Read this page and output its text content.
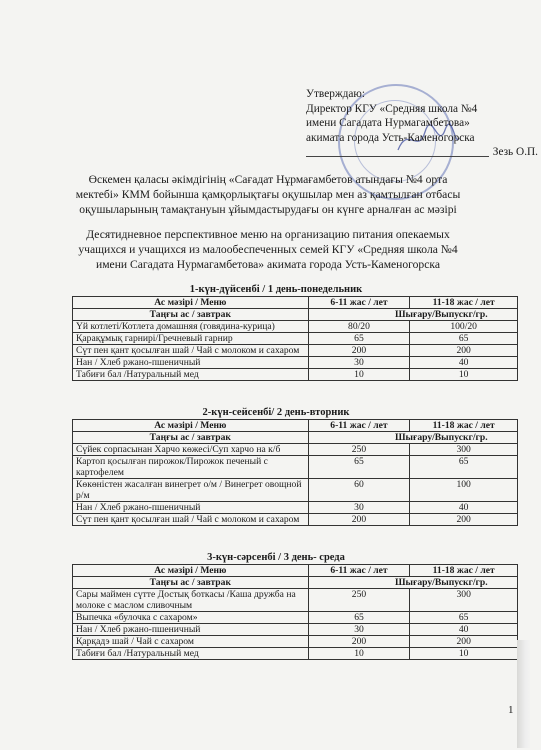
Утверждаю:
Директор КГУ «Средняя школа №4
имени Сагадата Нурмагамбетова»
акимата города Усть-Каменогорска
Зезь О.П.
Өскемен қаласы әкімдігінің «Сағадат Нұрмағамбетов атындағы №4 орта
мектебі» КММ бойынша қамқорлықтағы оқушылар мен аз қамтылған отбасы
оқушыларының тамақтануын ұйымдастырудағы он күнге арналған ас мәзірі
Десятидневное перспективное меню на организацию питания опекаемых
учащихся и учащихся из малообеспеченных семей КГУ «Средняя школа №4
имени Сагадата Нурмагамбетова» акимата города Усть-Каменогорска
1-күн-дүйсенбі / 1 день-понедельник
Ас мәзірі / Меню	6-11 жас / лет	11-18 жас / лет
Таңғы ас / завтрак	Шығару/Выпускг/гр.	
Үй котлеті/Котлета домашняя (говядина-курица)	80/20	100/20
Қарақұмық гарнирі/Гречневый гарнир	65	65
Сүт пен қант қосылған шай / Чай с молоком и сахаром	200	200
Нан / Хлеб ржано-пшеничный	30	40
Табиғи бал /Натуральный мед	10	10
2-күн-сейсенбі/ 2 день-вторник
Ас мәзірі / Меню	6-11 жас / лет	11-18 жас / лет
Таңғы ас / завтрак	Шығару/Выпускг/гр.	
Сүйек сорпасынан Харчо көжесі/Суп харчо на к/б	250	300
Картоп қосылған пирожок/Пирожок печеный с картофелем	65	65
Көкөністен жасалған винегрет о/м / Винегрет овощной р/м	60	100
Нан / Хлеб ржано-пшеничный	30	40
Сүт пен қант қосылған шай / Чай с молоком и сахаром	200	200
3-күн-сәрсенбі / 3 день- среда
Ас мәзірі / Меню	6-11 жас / лет	11-18 жас / лет
Таңғы ас / завтрак	Шығару/Выпускг/гр.	
Сары маймен сүтте Достық боткасы /Каша дружба на молоке с маслом сливочным	250	300
Выпечка «булочка с сахаром»	65	65
Нан / Хлеб ржано-пшеничный	30	40
Қарқадэ шай / Чай с сахаром	200	200
Табиғи бал /Натуральный мед	10	10
1
